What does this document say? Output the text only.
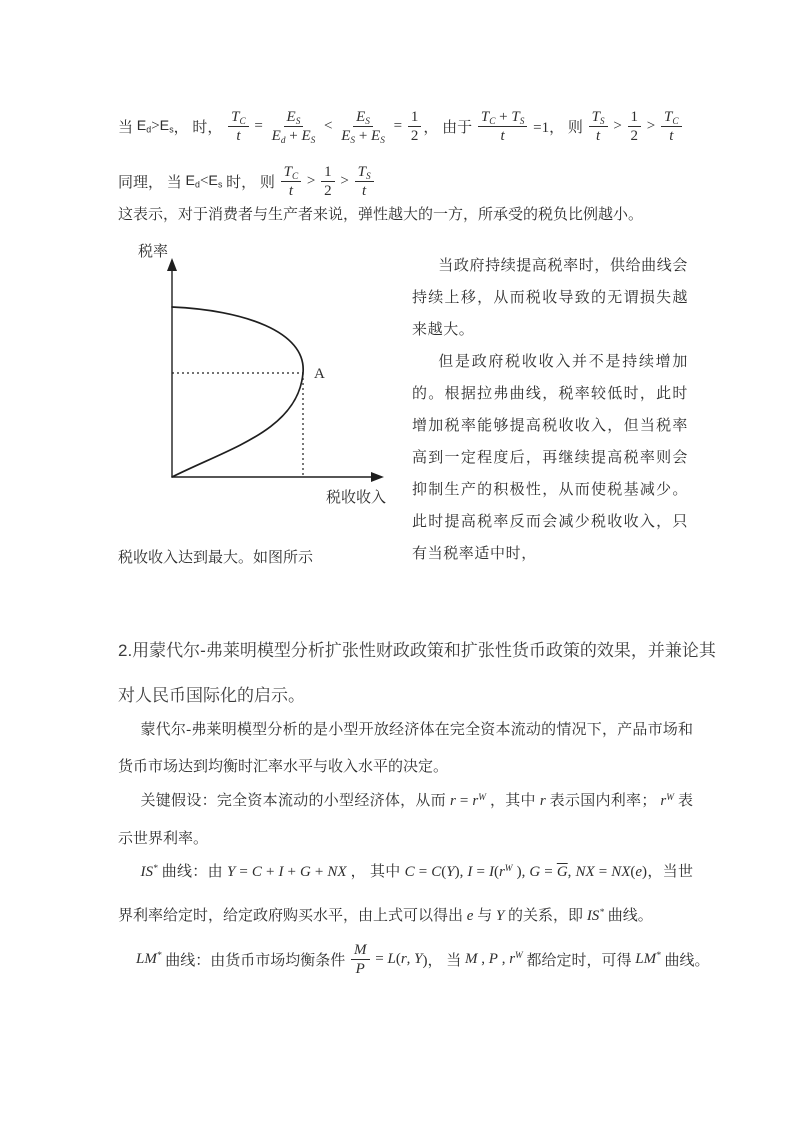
当 $E_d > E_s$ ， 时， $\frac{T_C}{t} = \frac{E_S}{E_d + E_S} < \frac{E_S}{E_S + E_S} = \frac{1}{2}$ ， 由于 $\frac{T_C + T_S}{t} =1$， 则 $\frac{T_S}{t} > \frac{1}{2} > \frac{T_C}{t}$
同理， 当 $E_d < E_s$ 时， 则 $\frac{T_C}{t} > \frac{1}{2} > \frac{T_S}{t}$
这表示，对于消费者与生产者来说，弹性越大的一方，所承受的税负比例越小。
税率
税收收入
A

当政府持续提高税率时，供给曲线会持续上移，从而税收导致的无谓损失越来越大。

但是政府税收收入并不是持续增加的。根据拉弗曲线，税率较低时，此时增加税率能够提高税收收入，但当税率高到一定程度后，再继续提高税率则会抑制生产的积极性，从而使税基减少。此时提高税率反而会减少税收收入，只有当税率适中时，

税收收入达到最大。如图所示
2.用蒙代尔-弗莱明模型分析扩张性财政政策和扩张性货币政策的效果，并兼论其对人民币国际化的启示。
蒙代尔-弗莱明模型分析的是小型开放经济体在完全资本流动的情况下，产品市场和货币市场达到均衡时汇率水平与收入水平的决定。
关键假设：完全资本流动的小型经济体，从而 $r = r^W$ ，其中 r 表示国内利率； $r^W$ 表示世界利率。
IS* 曲线：由 Y = C + I + G + NX ， 其中 C = C(Y), $I = I(r^W$ ), $G = \overline{G}$, NX = NX(e)，当世界利率给定时，给定政府购买水平，由上式可以得出 e 与 Y 的关系，即 IS* 曲线。
LM* 曲线：由货币市场均衡条件 $\frac{M}{P} = L$ ( r , Y )， 当 M , P , $r^W$ 都给定时，可得 LM* 曲线。
